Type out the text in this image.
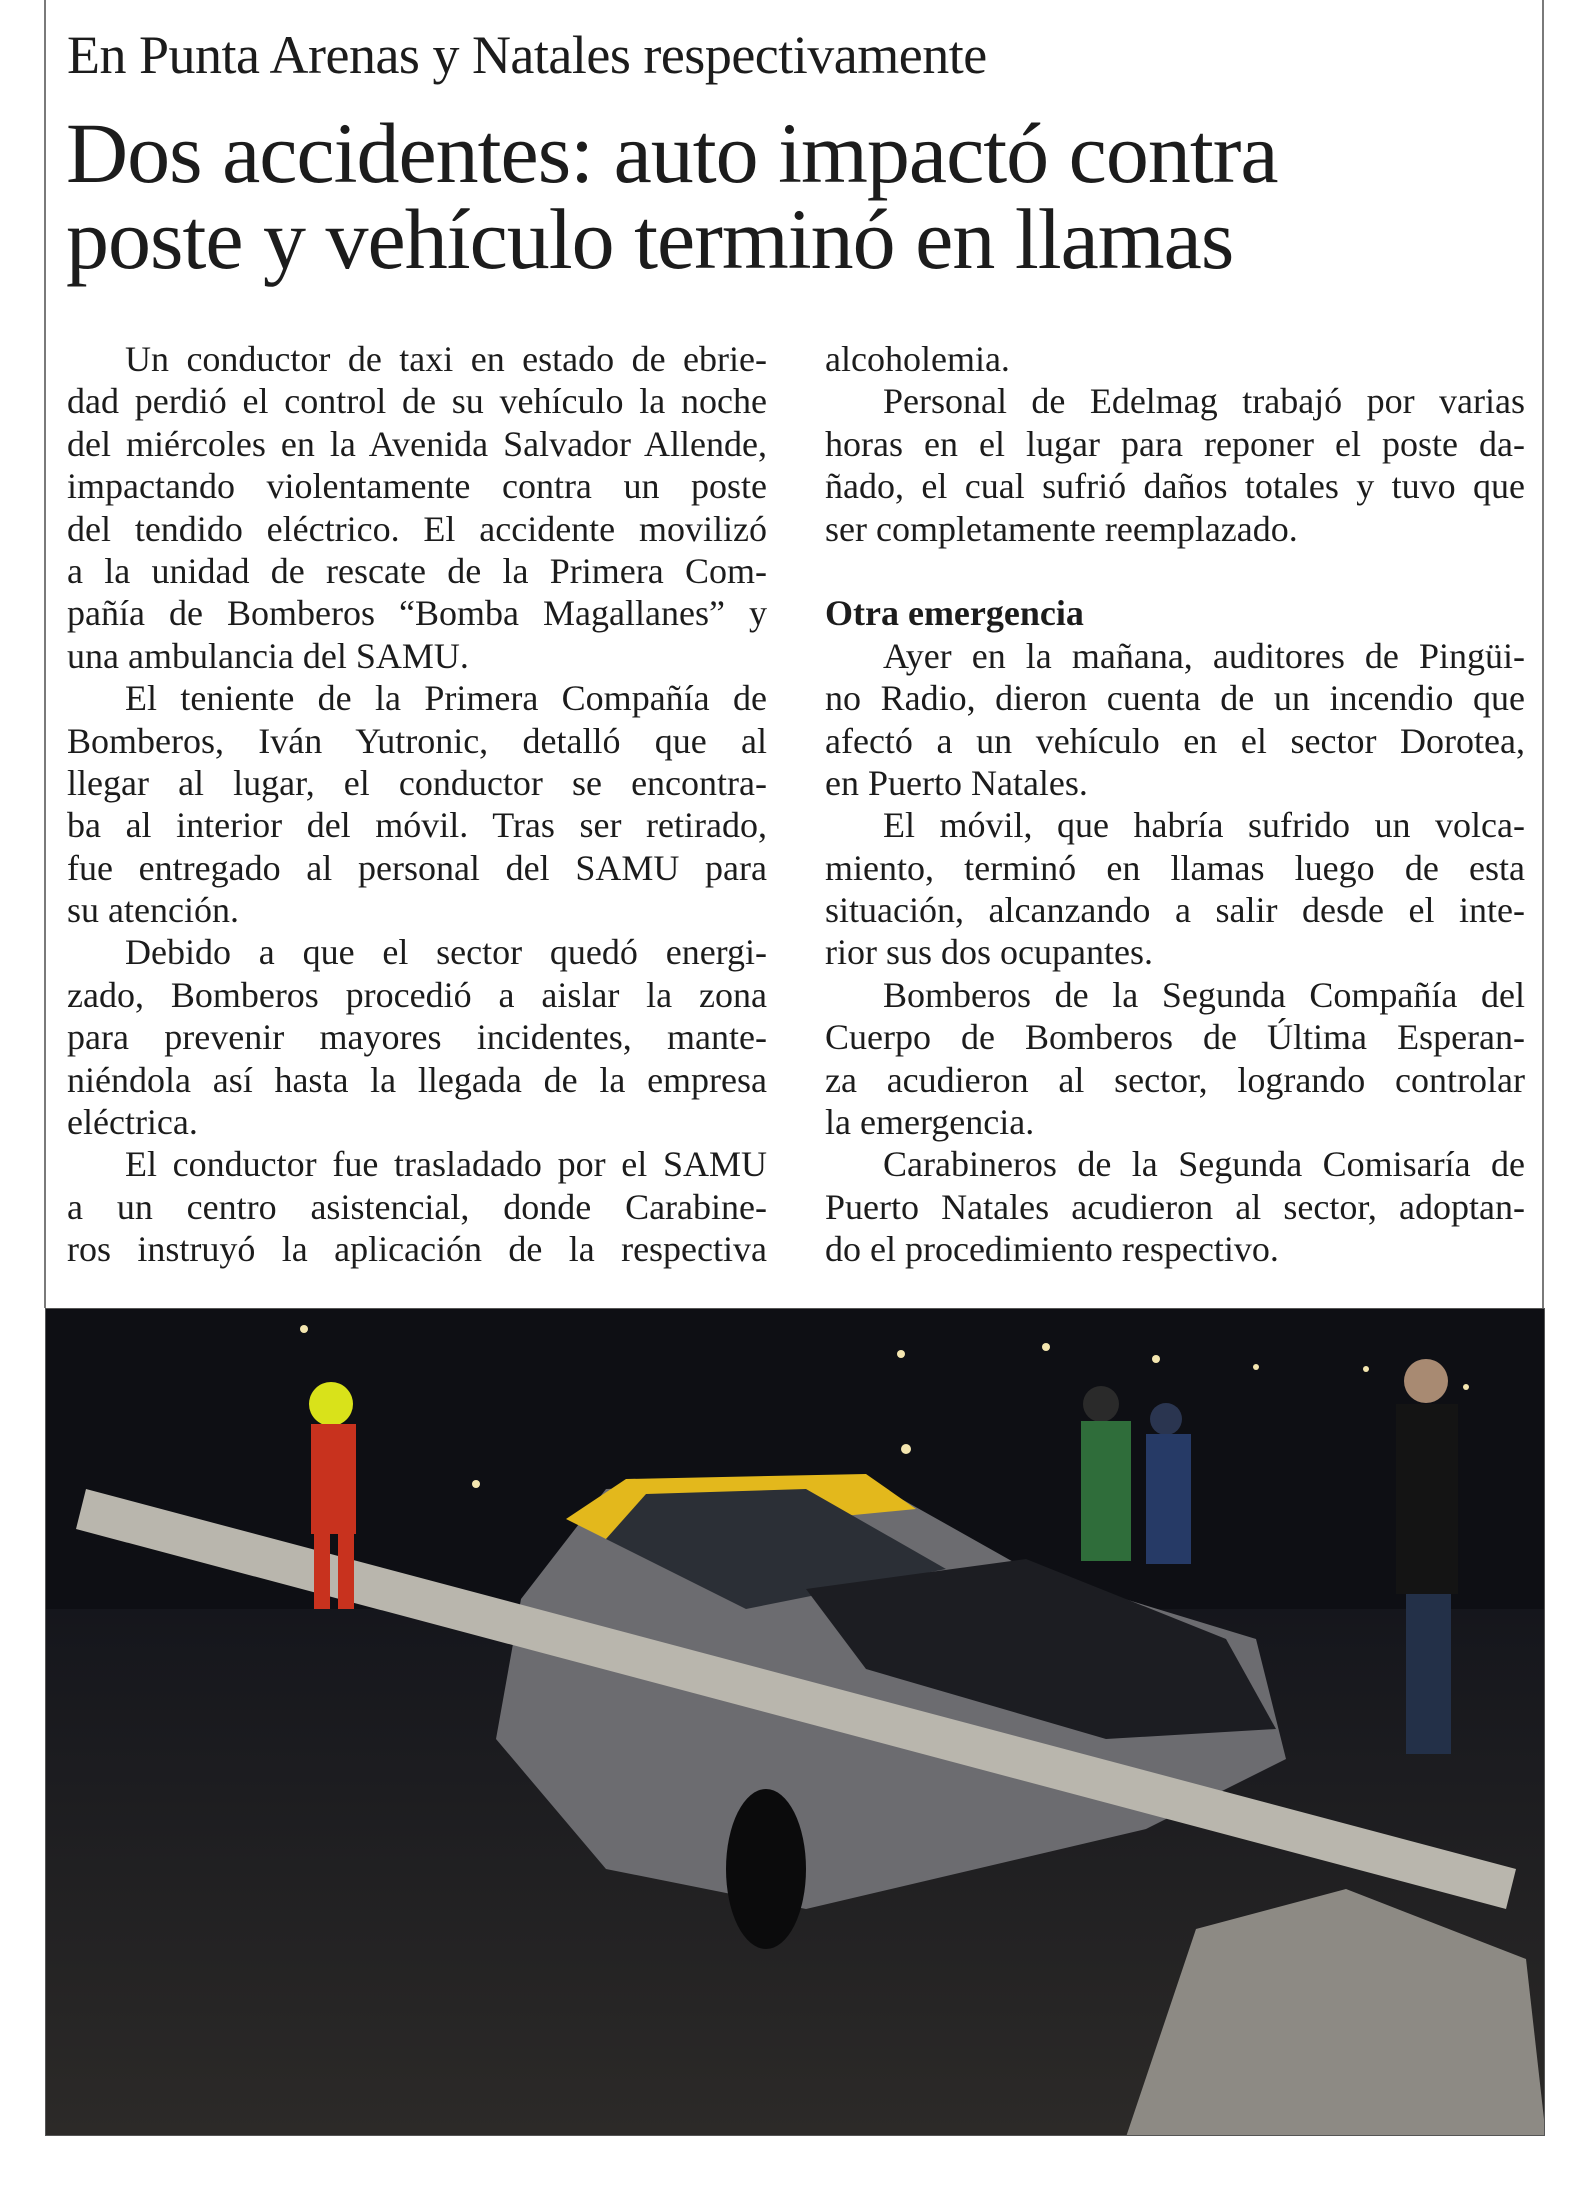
En Punta Arenas y Natales respectivamente
Dos accidentes: auto impactó contra
poste y vehículo terminó en llamas
Un conductor de taxi en estado de ebrie-
dad perdió el control de su vehículo la noche
del miércoles en la Avenida Salvador Allende,
impactando violentamente contra un poste
del tendido eléctrico. El accidente movilizó
a la unidad de rescate de la Primera Com-
pañía de Bomberos “Bomba Magallanes” y
una ambulancia del SAMU.
El teniente de la Primera Compañía de
Bomberos, Iván Yutronic, detalló que al
llegar al lugar, el conductor se encontra-
ba al interior del móvil. Tras ser retirado,
fue entregado al personal del SAMU para
su atención.
Debido a que el sector quedó energi-
zado, Bomberos procedió a aislar la zona
para prevenir mayores incidentes, mante-
niéndola así hasta la llegada de la empresa
eléctrica.
El conductor fue trasladado por el SAMU
a un centro asistencial, donde Carabine-
ros instruyó la aplicación de la respectiva
alcoholemia.
Personal de Edelmag trabajó por varias
horas en el lugar para reponer el poste da-
ñado, el cual sufrió daños totales y tuvo que
ser completamente reemplazado.
Otra emergencia
Ayer en la mañana, auditores de Pingüi-
no Radio, dieron cuenta de un incendio que
afectó a un vehículo en el sector Dorotea,
en Puerto Natales.
El móvil, que habría sufrido un volca-
miento, terminó en llamas luego de esta
situación, alcanzando a salir desde el inte-
rior sus dos ocupantes.
Bomberos de la Segunda Compañía del
Cuerpo de Bomberos de Última Esperan-
za acudieron al sector, logrando controlar
la emergencia.
Carabineros de la Segunda Comisaría de
Puerto Natales acudieron al sector, adoptan-
do el procedimiento respectivo.
